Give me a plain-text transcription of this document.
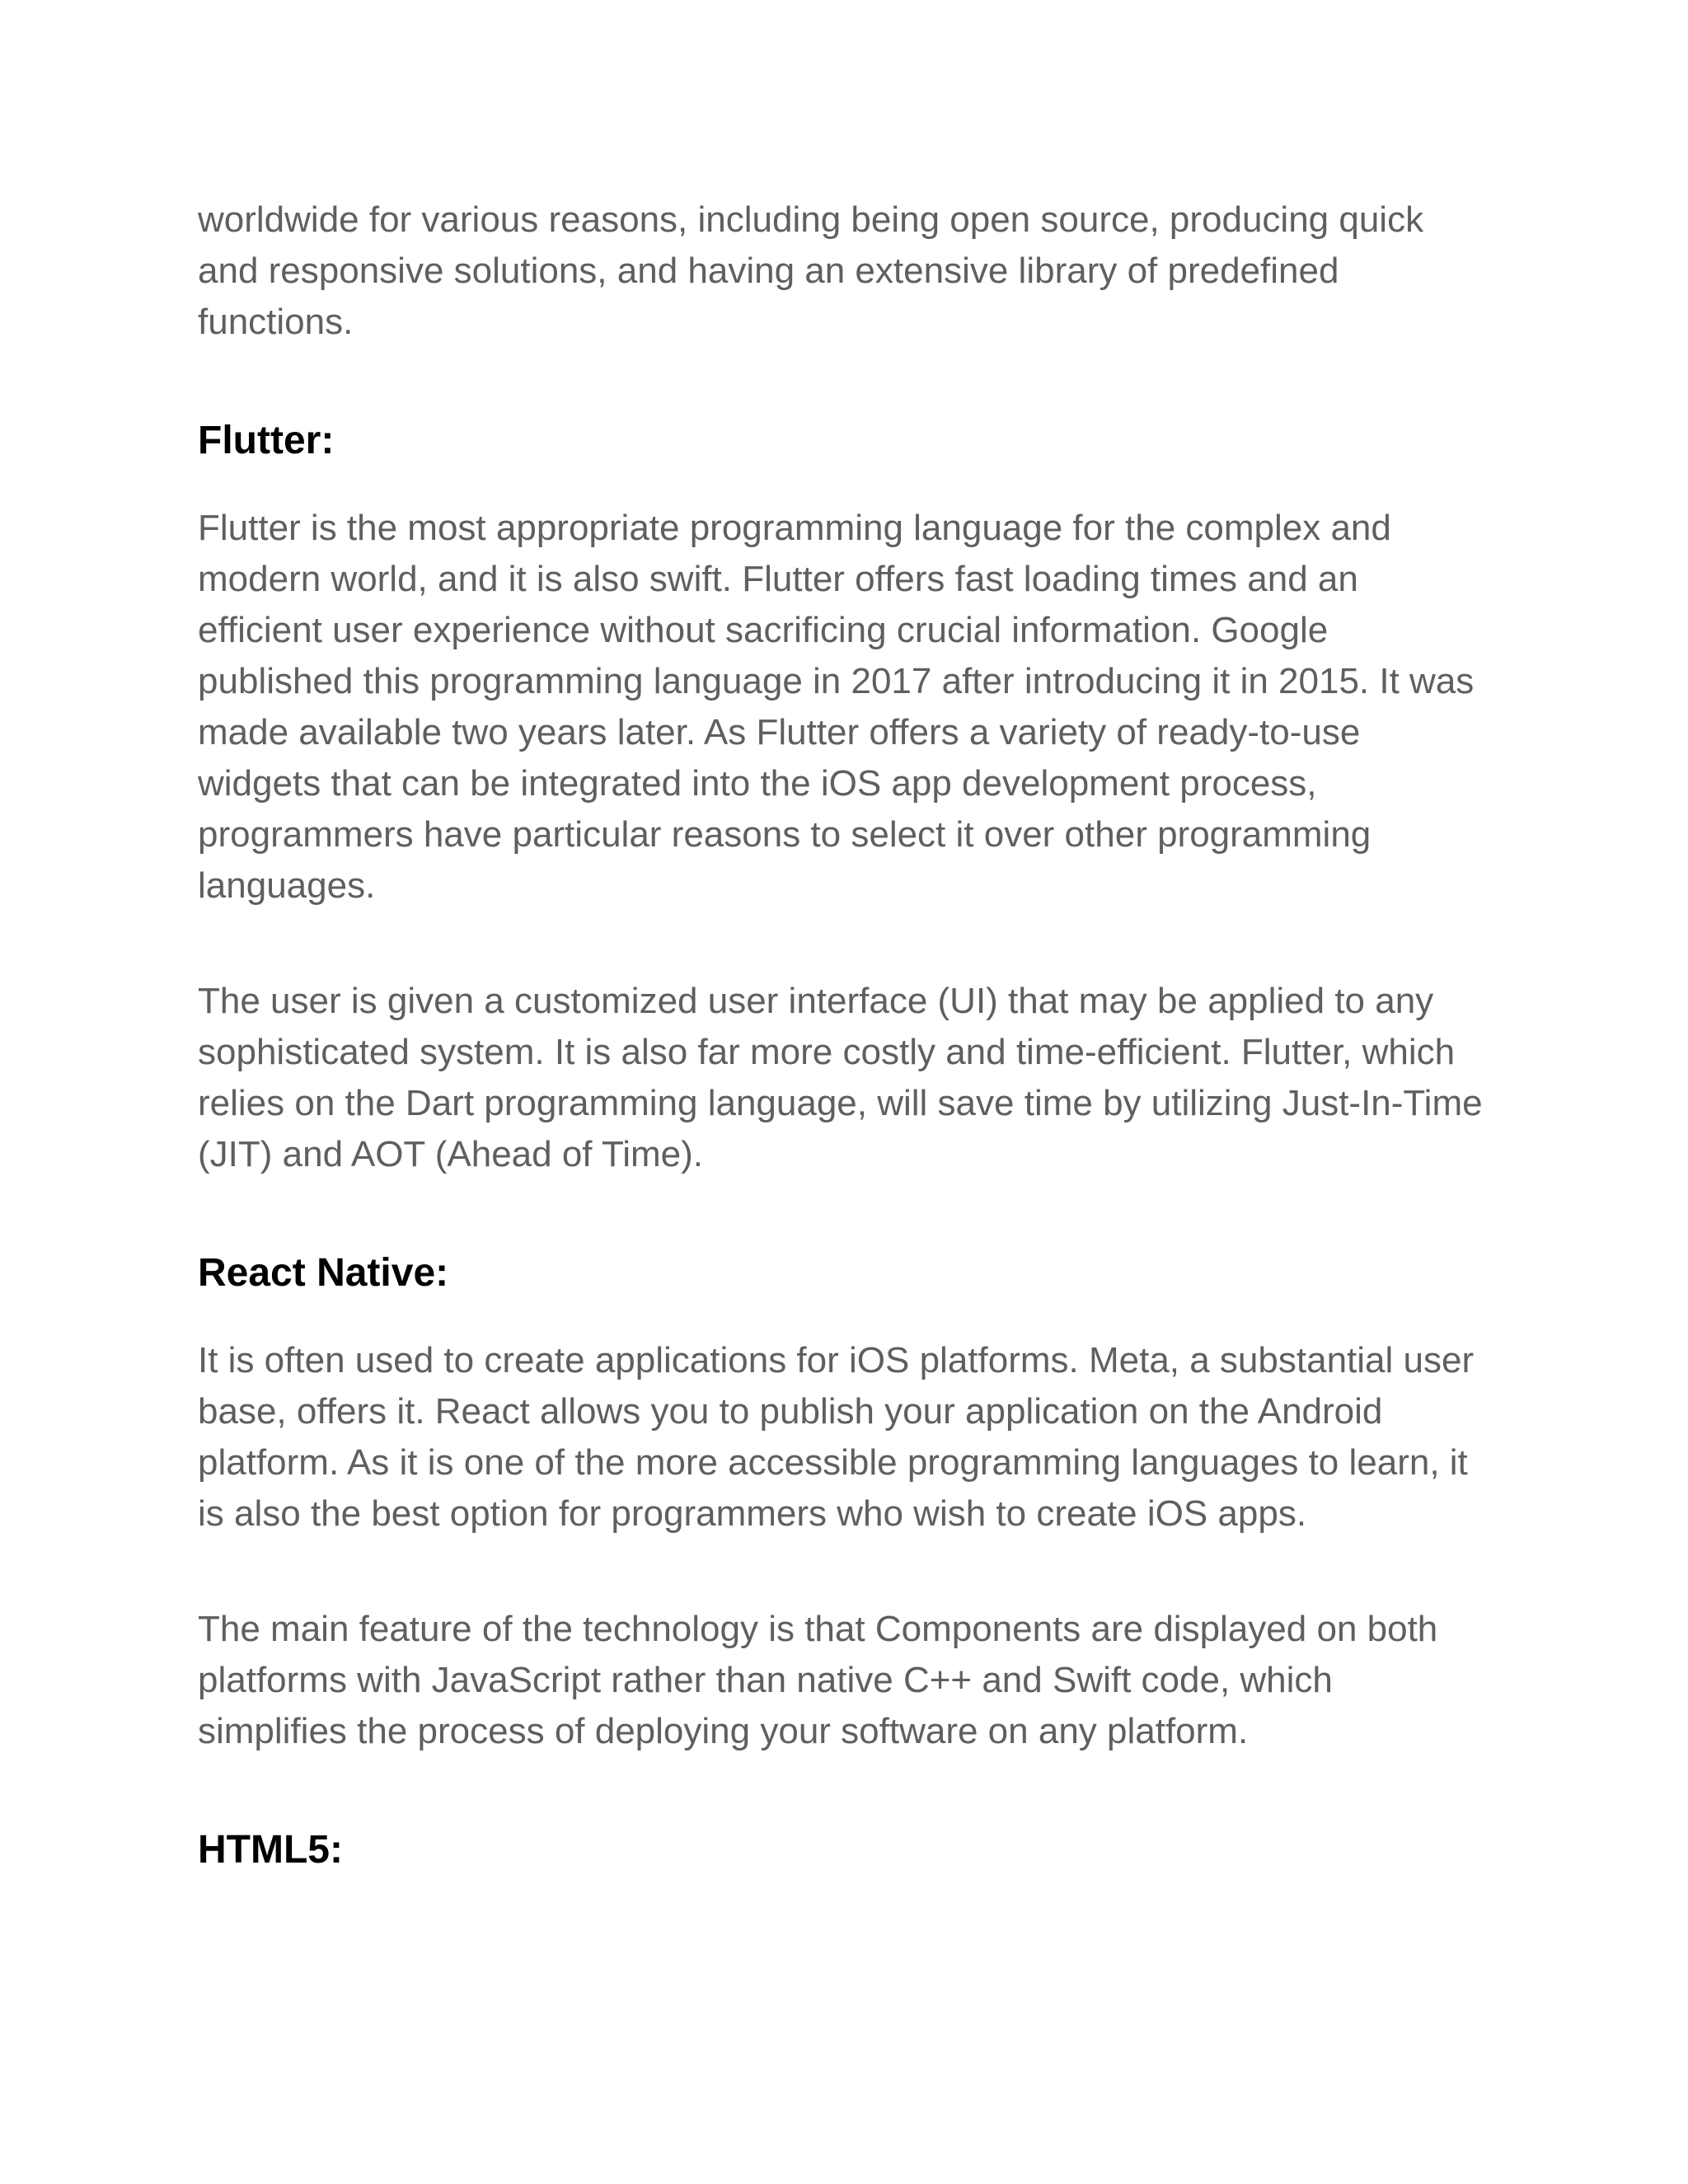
worldwide for various reasons, including being open source, producing quick and responsive solutions, and having an extensive library of predefined functions.

Flutter:

Flutter is the most appropriate programming language for the complex and modern world, and it is also swift. Flutter offers fast loading times and an efficient user experience without sacrificing crucial information. Google published this programming language in 2017 after introducing it in 2015. It was made available two years later. As Flutter offers a variety of ready-to-use widgets that can be integrated into the iOS app development process, programmers have particular reasons to select it over other programming languages.

The user is given a customized user interface (UI) that may be applied to any sophisticated system. It is also far more costly and time-efficient. Flutter, which relies on the Dart programming language, will save time by utilizing Just-In-Time (JIT) and AOT (Ahead of Time).

React Native:

It is often used to create applications for iOS platforms. Meta, a substantial user base, offers it. React allows you to publish your application on the Android platform. As it is one of the more accessible programming languages to learn, it is also the best option for programmers who wish to create iOS apps.

The main feature of the technology is that Components are displayed on both platforms with JavaScript rather than native C++ and Swift code, which simplifies the process of deploying your software on any platform.

HTML5:
